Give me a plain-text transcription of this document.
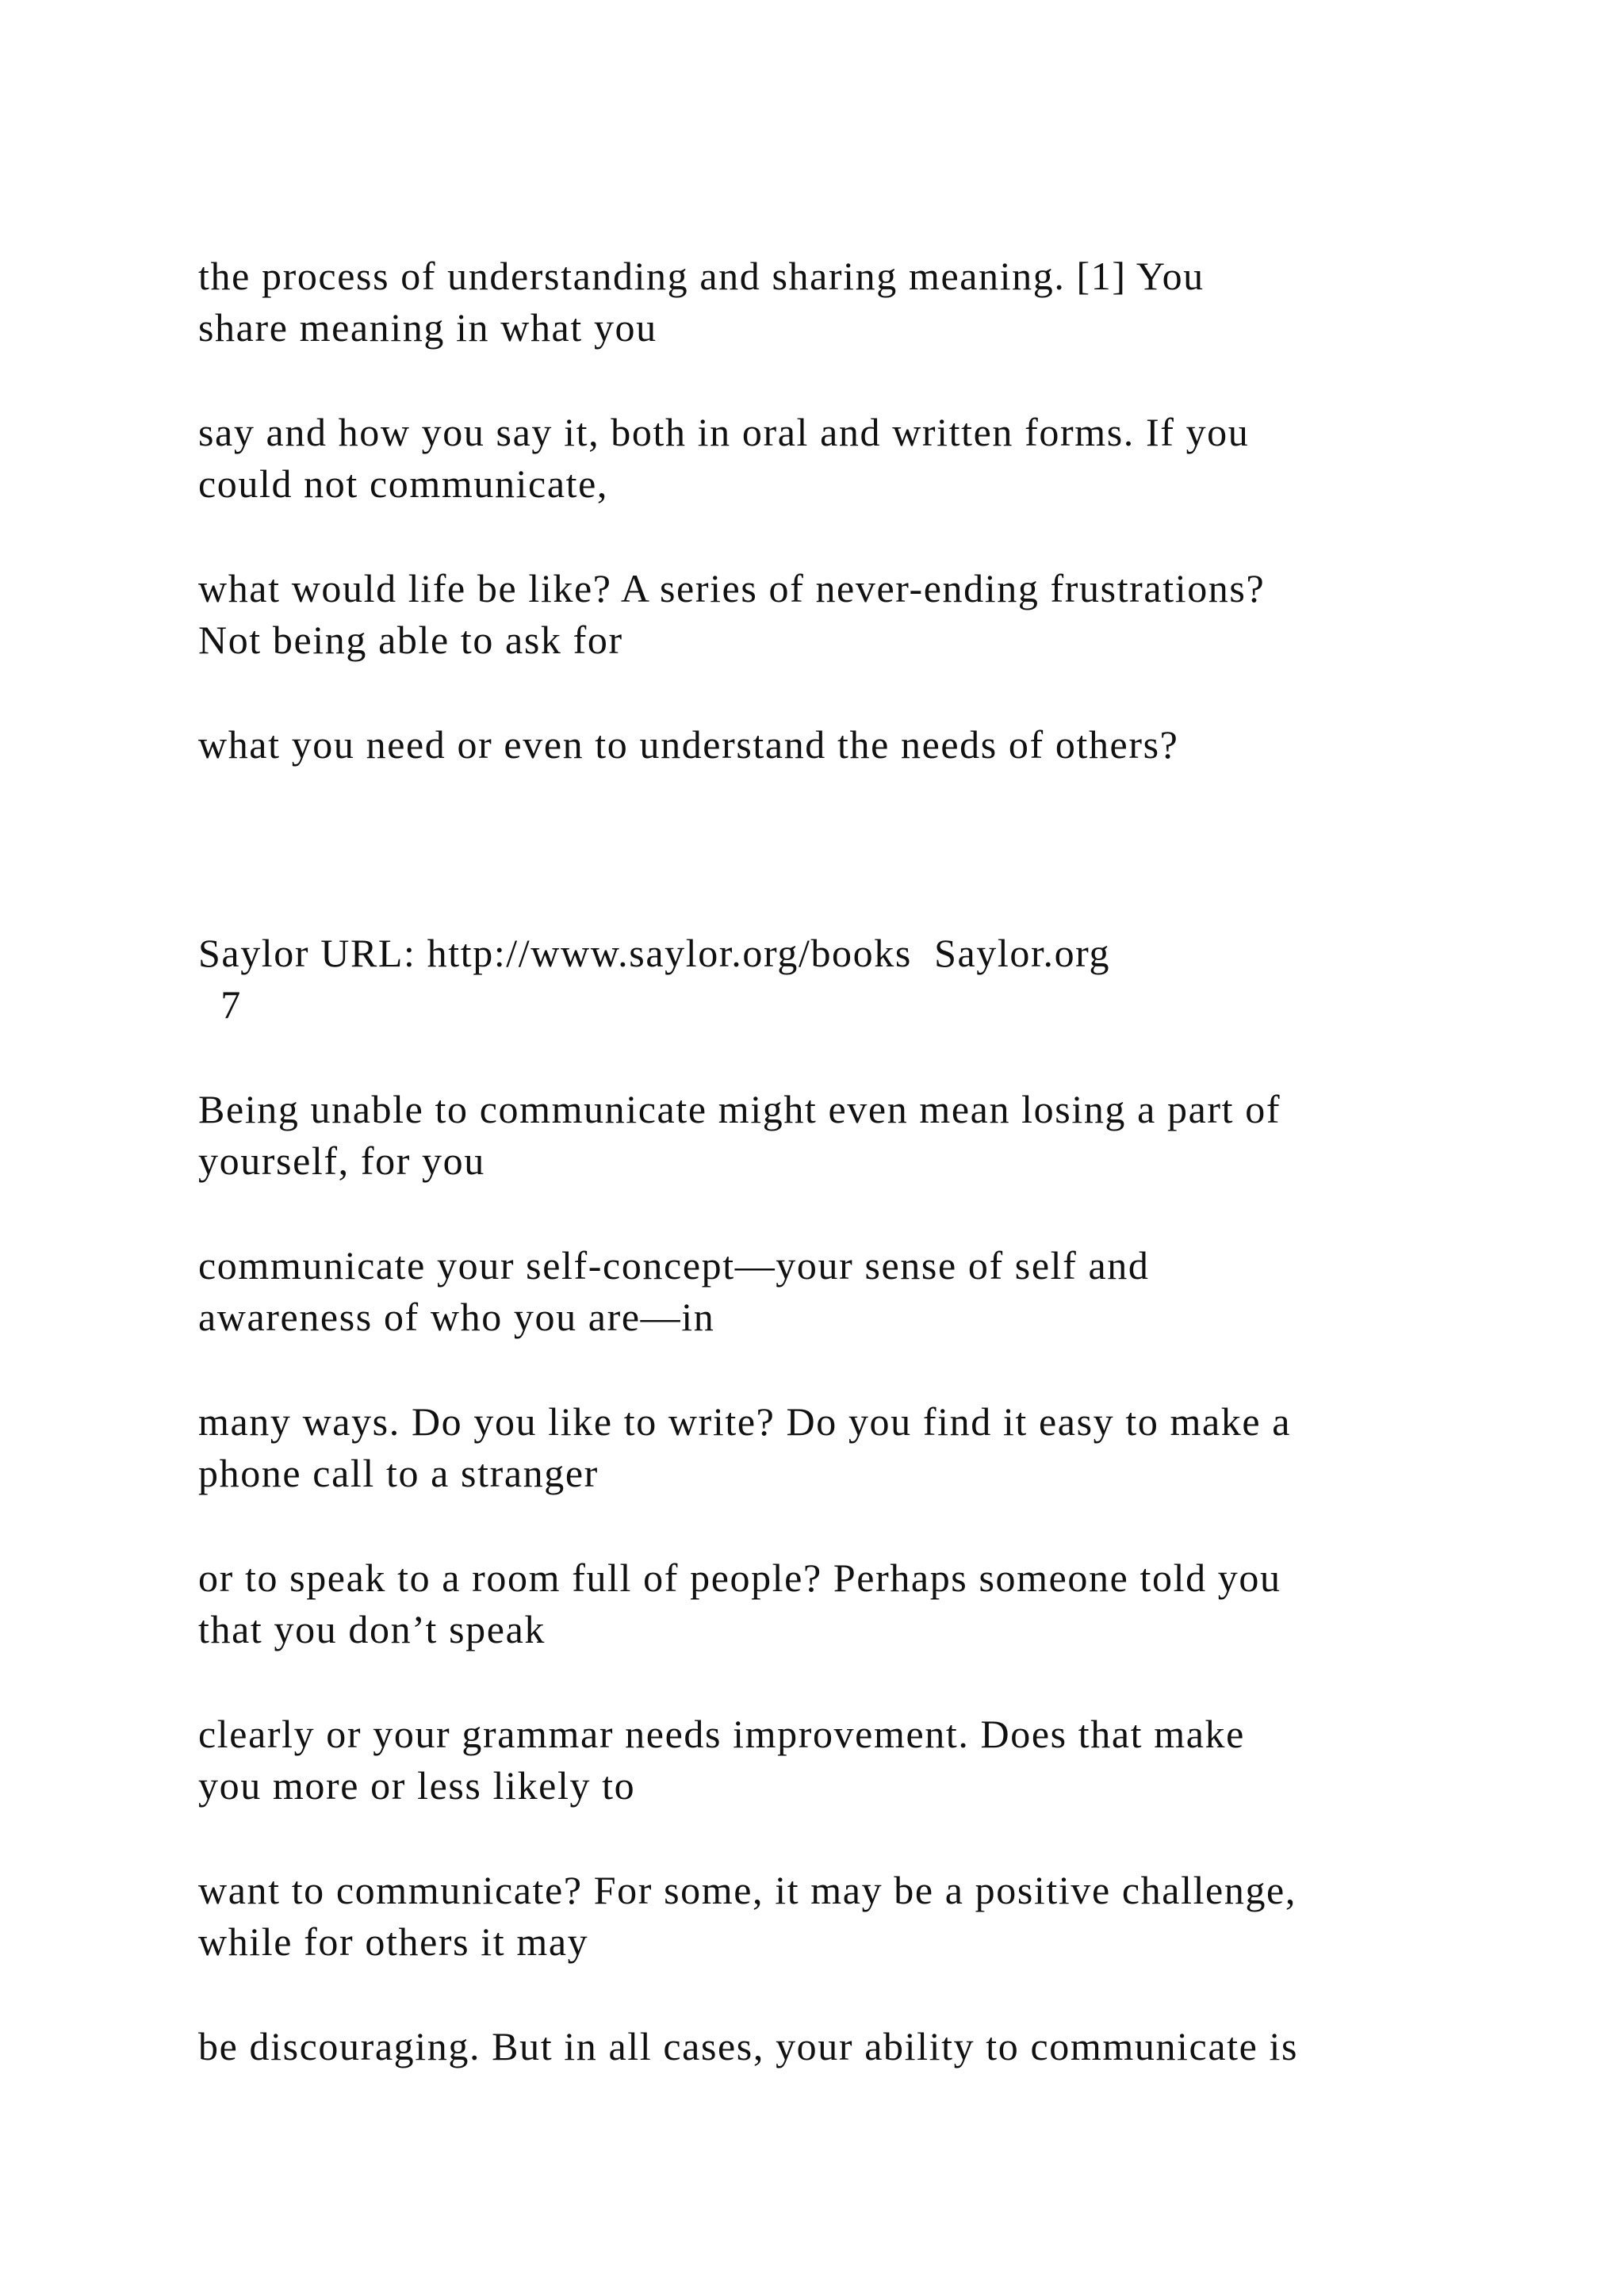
the process of understanding and sharing meaning. [1] You
share meaning in what you
say and how you say it, both in oral and written forms. If you
could not communicate,
what would life be like? A series of never-ending frustrations?
Not being able to ask for
what you need or even to understand the needs of others?
Saylor URL: http://www.saylor.org/books  Saylor.org
7
Being unable to communicate might even mean losing a part of
yourself, for you
communicate your self-concept—your sense of self and
awareness of who you are—in
many ways. Do you like to write? Do you find it easy to make a
phone call to a stranger
or to speak to a room full of people? Perhaps someone told you
that you don’t speak
clearly or your grammar needs improvement. Does that make
you more or less likely to
want to communicate? For some, it may be a positive challenge,
while for others it may
be discouraging. But in all cases, your ability to communicate is
